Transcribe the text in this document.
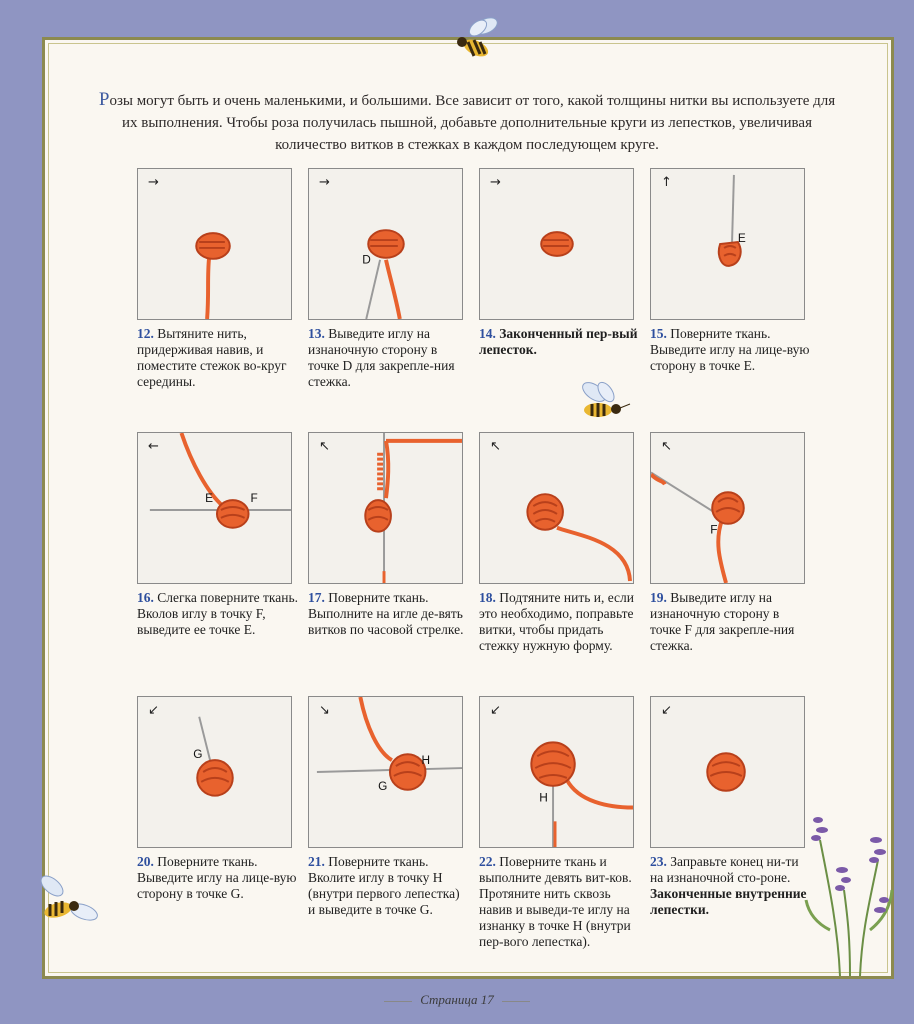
Розы могут быть и очень маленькими, и большими. Все зависит от того, какой толщины нитки вы используете для их выполнения. Чтобы роза получилась пышной, добавьте дополнительные круги из лепестков, увеличивая количество витков в стежках в каждом последующем круге.

→
12. Вытяните нить, придерживая навив, и поместите стежок во-круг середины.
→
D
13. Выведите иглу на изнаночную сторону в точке D для закрепле-ния стежка.
→
14. Законченный пер-вый лепесток.
↑
E
15. Поверните ткань. Выведите иглу на лице-вую сторону в точке E.
←
E	F
16. Слегка поверните ткань. Вколов иглу в точку F, выведите ее точке E.
↖
17. Поверните ткань. Выполните на игле де-вять витков по часовой стрелке.
↖
18. Подтяните нить и, если это необходимо, поправьте витки, чтобы придать стежку нужную форму.
↖
F
19. Выведите иглу на изнаночную сторону в точке F для закрепле-ния стежка.
↙
G
20. Поверните ткань. Выведите иглу на лице-вую сторону в точке G.
↘
G
H
21. Поверните ткань. Вколите иглу в точку H (внутри первого лепестка) и выведите в точке G.
↙
H
22. Поверните ткань и выполните девять вит-ков. Протяните нить сквозь навив и выведи-те иглу на изнанку в точке H (внутри пер-вого лепестка).
↙
23. Заправьте конец ни-ти на изнаночной сто-роне. Законченные внутренние лепестки.
Страница 17
